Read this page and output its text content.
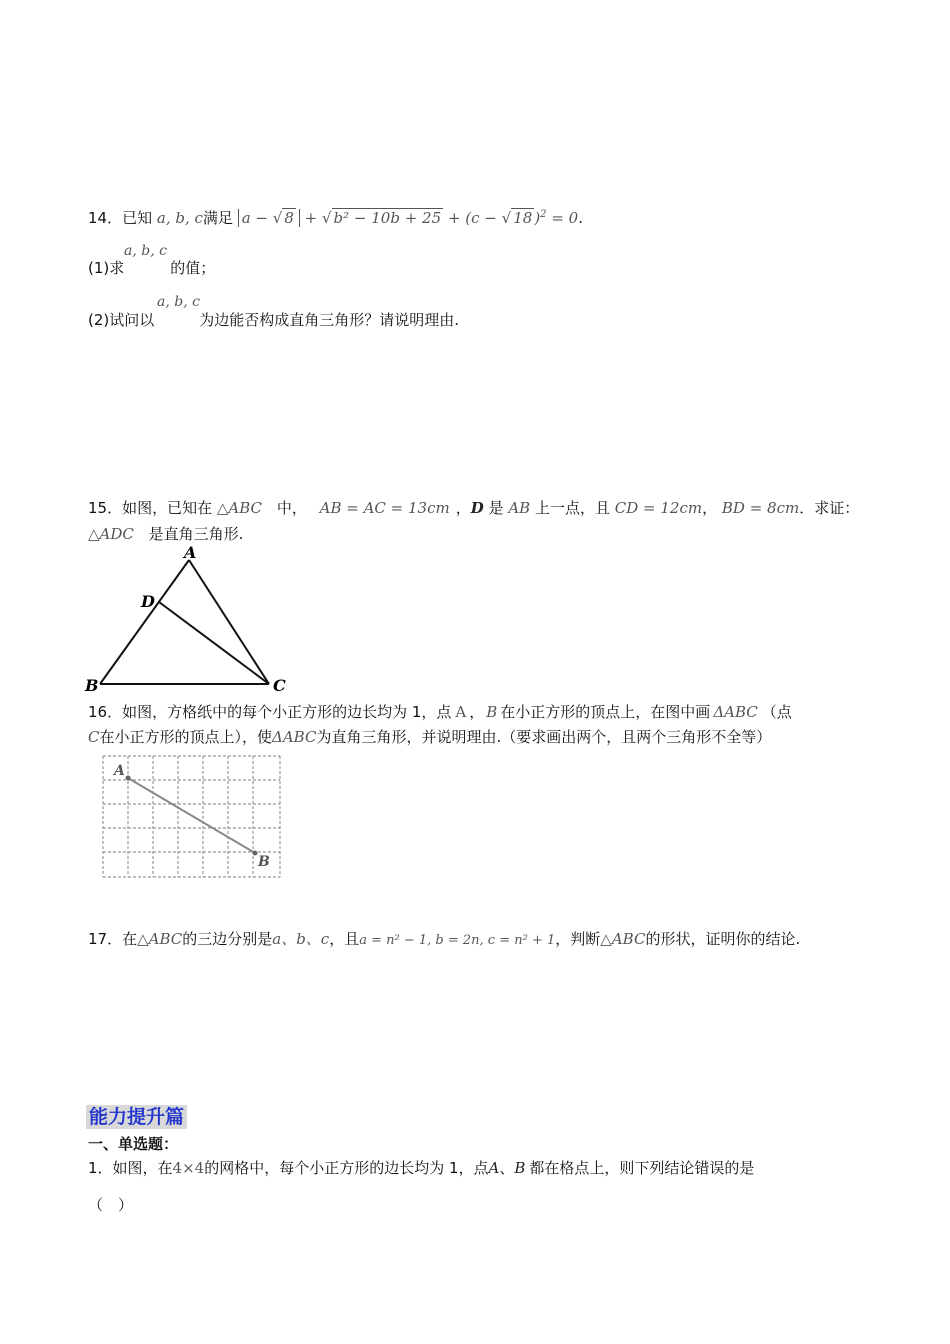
14．已知 a, b, c满足 a − √ 8 + √ b² − 10b + 25 + (c − √ 18 )$^2$ = 0.
a, b, c
(1)求	的值；
a, b, c
(2)试问以	为边能否构成直角三角形？请说明理由.
15．如图，已知在 △ABC 中， AB = AC = 13cm ，D 是 AB 上一点，且 CD = 12cm， BD = 8cm．求证：
△ADC 是直角三角形.
A
D
B	C
16．如图，方格纸中的每个小正方形的边长均为 1，点 A ， B 在小正方形的顶点上，在图中画 ΔABC （点
C在小正方形的顶点上），使ΔABC为直角三角形，并说明理由.（要求画出两个，且两个三角形不全等）
A
B
17．在△ABC的三边分别是a、b、c，且a = n² − 1, b = 2n, c = n² + 1，判断△ABC的形状，证明你的结论.
能力提升篇
一、单选题：
1．如图，在4×4的网格中，每个小正方形的边长均为 1，点A、B 都在格点上，则下列结论错误的是
（　）
